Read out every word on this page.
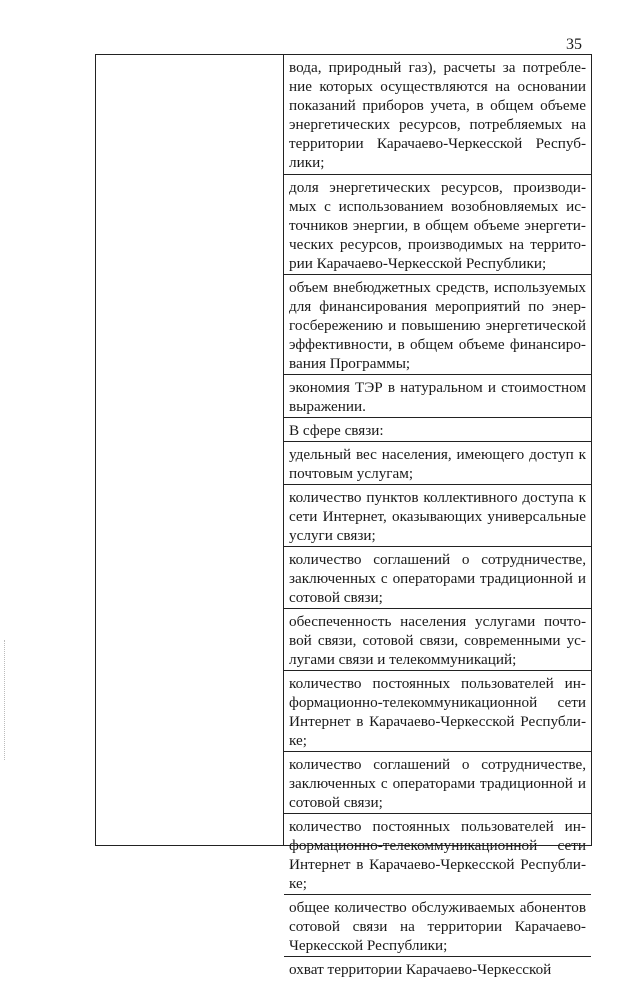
35
вода, природный газ), расчеты за потребле-
ние которых осуществляются на основании
показаний приборов учета, в общем объеме
энергетических ресурсов, потребляемых на
территории Карачаево-Черкесской Респуб-
лики;
доля энергетических ресурсов, производи-
мых с использованием возобновляемых ис-
точников энергии, в общем объеме энергети-
ческих ресурсов, производимых на террито-
рии Карачаево-Черкесской Республики;
объем внебюджетных средств, используемых
для финансирования мероприятий по энер-
госбережению и повышению энергетической
эффективности, в общем объеме финансиро-
вания Программы;
экономия ТЭР в натуральном и стоимостном
выражении.
В сфере связи:
удельный вес населения, имеющего доступ к
почтовым услугам;
количество пунктов коллективного доступа к
сети Интернет, оказывающих универсальные
услуги связи;
количество соглашений о сотрудничестве,
заключенных с операторами традиционной и
сотовой связи;
обеспеченность населения услугами почто-
вой связи, сотовой связи, современными ус-
лугами связи и телекоммуникаций;
количество постоянных пользователей ин-
формационно-телекоммуникационной сети
Интернет в Карачаево-Черкесской Республи-
ке;
количество соглашений о сотрудничестве,
заключенных с операторами традиционной и
сотовой связи;
количество постоянных пользователей ин-
формационно-телекоммуникационной сети
Интернет в Карачаево-Черкесской Республи-
ке;
общее количество обслуживаемых абонентов
сотовой связи на территории Карачаево-
Черкесской Республики;
охват территории Карачаево-Черкесской
